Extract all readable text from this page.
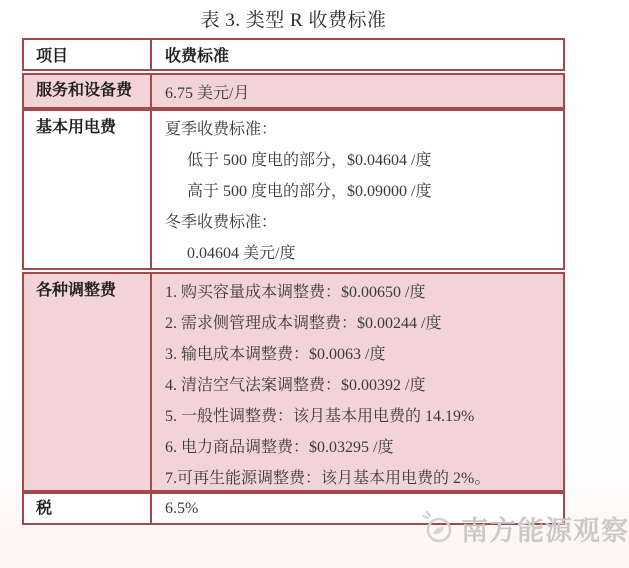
表 3. 类型 R 收费标准
项目	收费标准
服务和设备费 6.75 美元/月
基本用电费	夏季收费标准：
低于 500 度电的部分，$0.04604 /度
高于 500 度电的部分，$0.09000 /度
冬季收费标准：
0.04604 美元/度
各种调整费	1. 购买容量成本调整费：$0.00650 /度
2. 需求侧管理成本调整费：$0.00244 /度
3. 输电成本调整费：$0.0063 /度
4. 清洁空气法案调整费：$0.00392 /度
5. 一般性调整费：该月基本用电费的 14.19%
6. 电力商品调整费：$0.03295 /度
7.可再生能源调整费：该月基本用电费的 2%。
税	6.5%
南方能源观察
